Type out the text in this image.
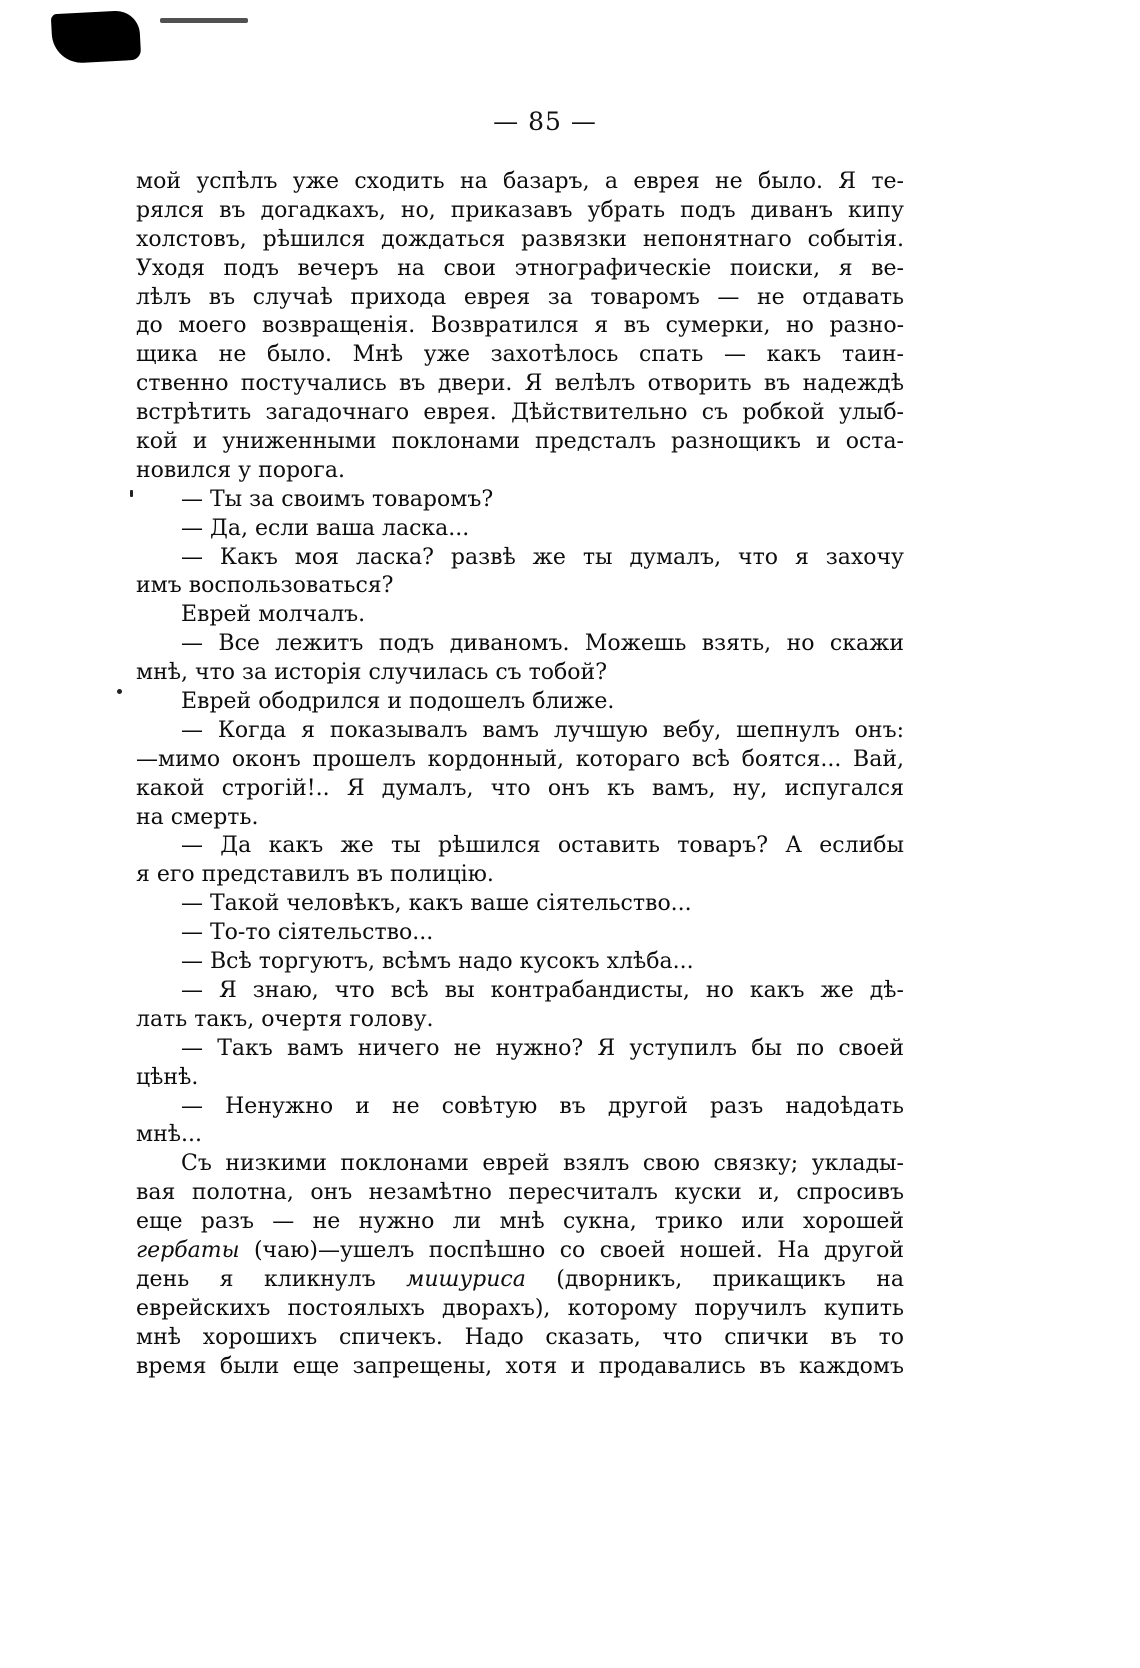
— 85 —
мой успѣлъ уже сходить на базаръ, а еврея не было. Я те-
рялся въ догадкахъ, но, приказавъ убрать подъ диванъ кипу
холстовъ, рѣшился дождаться развязки непонятнаго событія.
Уходя подъ вечеръ на свои этнографическіе поиски, я ве-
лѣлъ въ случаѣ прихода еврея за товаромъ — не отдавать
до моего возвращенія. Возвратился я въ сумерки, но разно-
щика не было. Мнѣ уже захотѣлось спать — какъ таин-
ственно постучались въ двери. Я велѣлъ отворить въ надеждѣ
встрѣтить загадочнаго еврея. Дѣйствительно съ робкой улыб-
кой и униженными поклонами предсталъ разнощикъ и оста-
новился у порога.
— Ты за своимъ товаромъ?
— Да, если ваша ласка...
— Какъ моя ласка? развѣ же ты думалъ, что я захочу
имъ воспользоваться?
Еврей молчалъ.
— Все лежитъ подъ диваномъ. Можешь взять, но скажи
мнѣ, что за исторія случилась съ тобой?
Еврей ободрился и подошелъ ближе.
— Когда я показывалъ вамъ лучшую вебу, шепнулъ онъ:
—мимо оконъ прошелъ кордонный, котораго всѣ боятся... Вай,
какой строгій!.. Я думалъ, что онъ къ вамъ, ну, испугался
на смерть.
— Да какъ же ты рѣшился оставить товаръ? А еслибы
я его представилъ въ полицію.
— Такой человѣкъ, какъ ваше сіятельство...
— То-то сіятельство...
— Всѣ торгуютъ, всѣмъ надо кусокъ хлѣба...
— Я знаю, что всѣ вы контрабандисты, но какъ же дѣ-
лать такъ, очертя голову.
— Такъ вамъ ничего не нужно? Я уступилъ бы по своей
цѣнѣ.
— Ненужно и не совѣтую въ другой разъ надоѣдать
мнѣ...
Съ низкими поклонами еврей взялъ свою связку; уклады-
вая полотна, онъ незамѣтно пересчиталъ куски и, спросивъ
еще разъ — не нужно ли мнѣ сукна, трико или хорошей
гербаты (чаю)—ушелъ поспѣшно со своей ношей. На другой
день я кликнулъ мишуриса (дворникъ, прикащикъ на
еврейскихъ постоялыхъ дворахъ), которому поручилъ купить
мнѣ хорошихъ спичекъ. Надо сказать, что спички въ то
время были еще запрещены, хотя и продавались въ каждомъ
